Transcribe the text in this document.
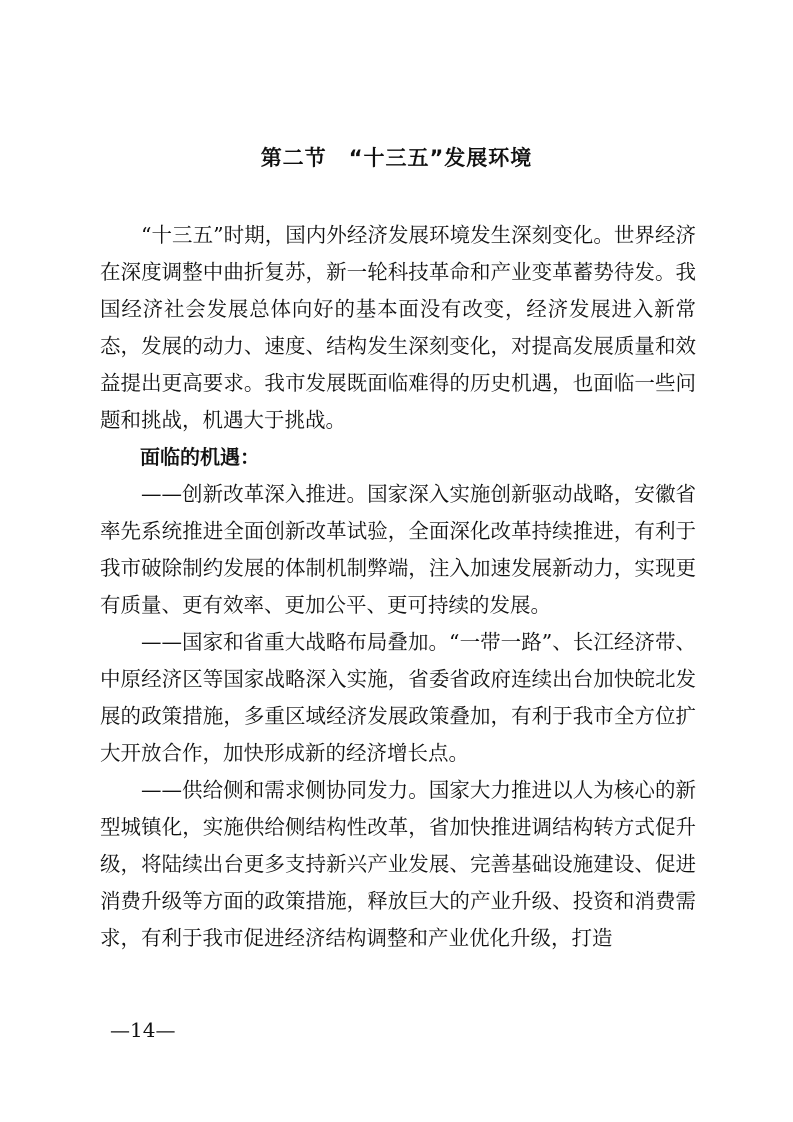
第二节 “十三五”发展环境

“十三五”时期，国内外经济发展环境发生深刻变化。世界经济在深度调整中曲折复苏，新一轮科技革命和产业变革蓄势待发。我国经济社会发展总体向好的基本面没有改变，经济发展进入新常态，发展的动力、速度、结构发生深刻变化，对提高发展质量和效益提出更高要求。我市发展既面临难得的历史机遇，也面临一些问题和挑战，机遇大于挑战。

面临的机遇：

——创新改革深入推进。国家深入实施创新驱动战略，安徽省率先系统推进全面创新改革试验，全面深化改革持续推进，有利于我市破除制约发展的体制机制弊端，注入加速发展新动力，实现更有质量、更有效率、更加公平、更可持续的发展。

——国家和省重大战略布局叠加。“一带一路”、长江经济带、中原经济区等国家战略深入实施，省委省政府连续出台加快皖北发展的政策措施，多重区域经济发展政策叠加，有利于我市全方位扩大开放合作，加快形成新的经济增长点。

——供给侧和需求侧协同发力。国家大力推进以人为核心的新型城镇化，实施供给侧结构性改革，省加快推进调结构转方式促升级，将陆续出台更多支持新兴产业发展、完善基础设施建设、促进消费升级等方面的政策措施，释放巨大的产业升级、投资和消费需求，有利于我市促进经济结构调整和产业优化升级，打造

—14—
